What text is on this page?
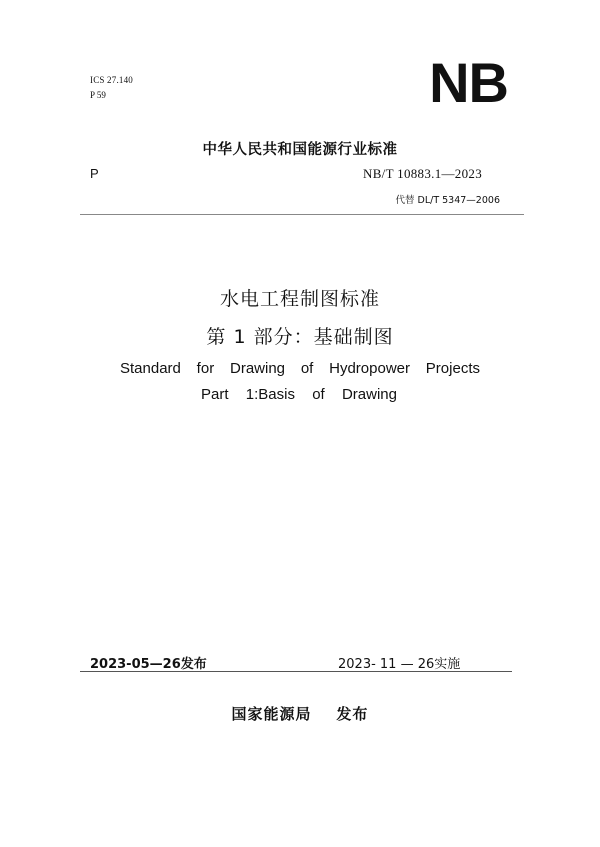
ICS 27.140
P 59	NB
中华人民共和国能源行业标准
P	NB/T 10883.1—2023
代替 DL/T 5347—2006
水电工程制图标准
第 1 部分：基础制图
Standard for Drawing of Hydropower Projects
Part 1:Basis of Drawing
2023-05—26发布	2023- 11 — 26实施
国家能源局    发布
